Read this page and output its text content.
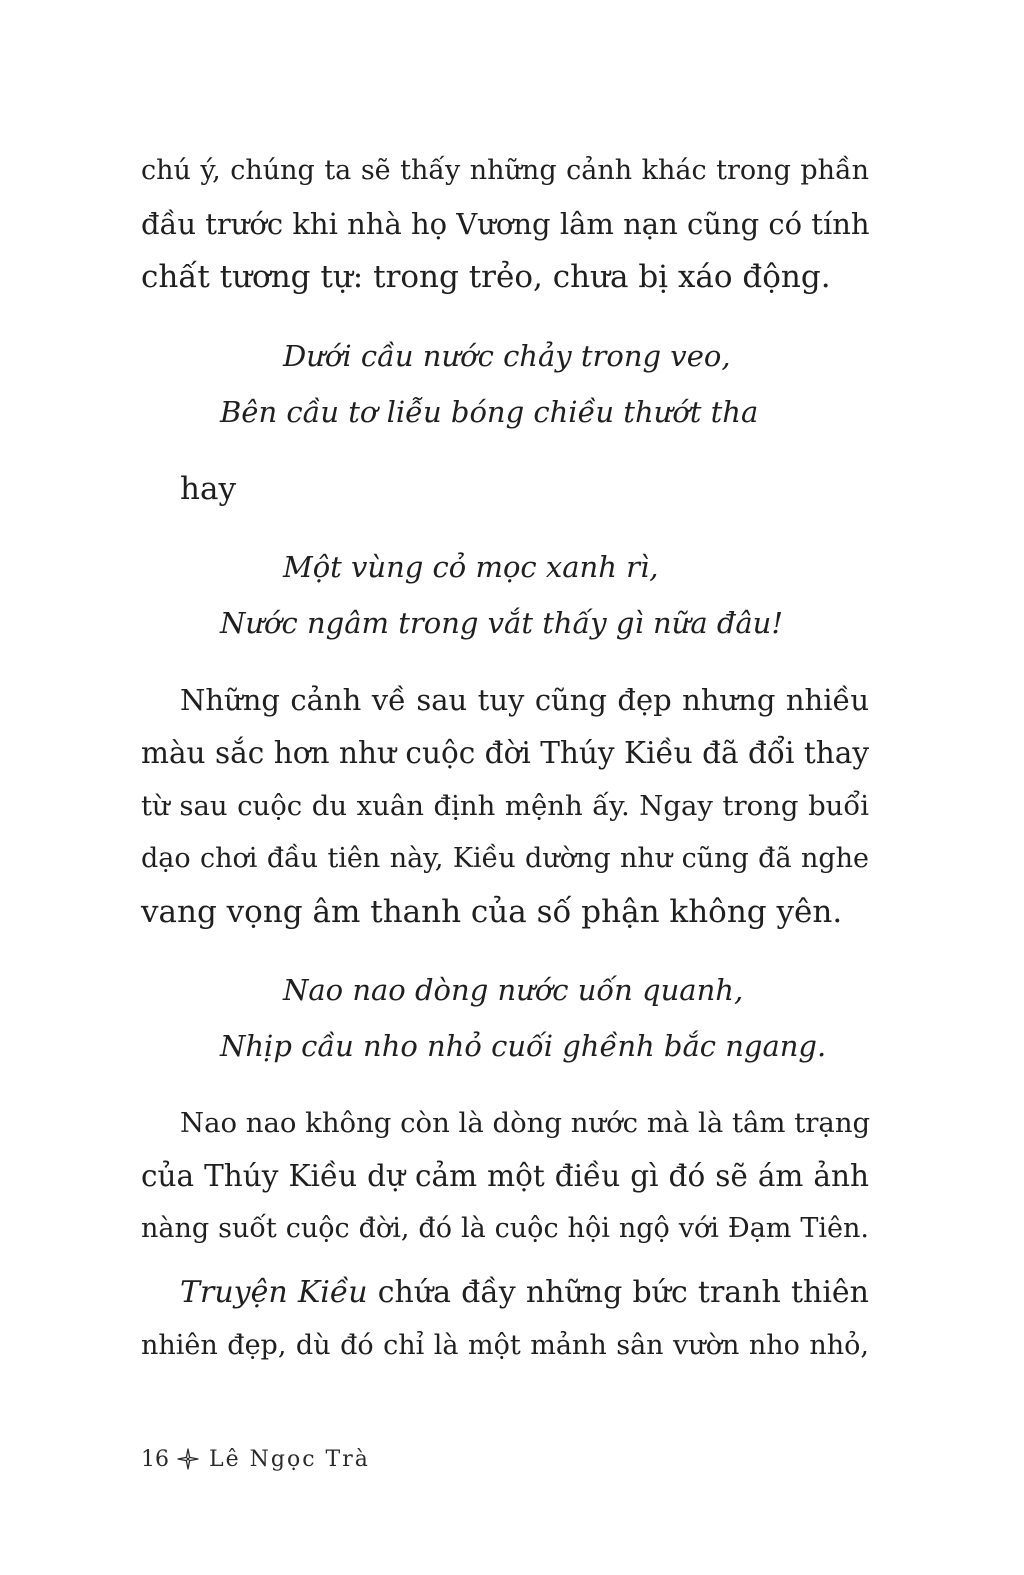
chú ý, chúng ta sẽ thấy những cảnh khác trong phần
đầu trước khi nhà họ Vương lâm nạn cũng có tính
chất tương tự: trong trẻo, chưa bị xáo động.
Dưới cầu nước chảy trong veo,
Bên cầu tơ liễu bóng chiều thướt tha
hay
Một vùng cỏ mọc xanh rì,
Nước ngâm trong vắt thấy gì nữa đâu!
Những cảnh về sau tuy cũng đẹp nhưng nhiều
màu sắc hơn như cuộc đời Thúy Kiều đã đổi thay
từ sau cuộc du xuân định mệnh ấy. Ngay trong buổi
dạo chơi đầu tiên này, Kiều dường như cũng đã nghe
vang vọng âm thanh của số phận không yên.
Nao nao dòng nước uốn quanh,
Nhịp cầu nho nhỏ cuối ghềnh bắc ngang.
Nao nao không còn là dòng nước mà là tâm trạng
của Thúy Kiều dự cảm một điều gì đó sẽ ám ảnh
nàng suốt cuộc đời, đó là cuộc hội ngộ với Đạm Tiên.
Truyện Kiều chứa đầy những bức tranh thiên
nhiên đẹp, dù đó chỉ là một mảnh sân vườn nho nhỏ,
16 Lê Ngọc Trà
